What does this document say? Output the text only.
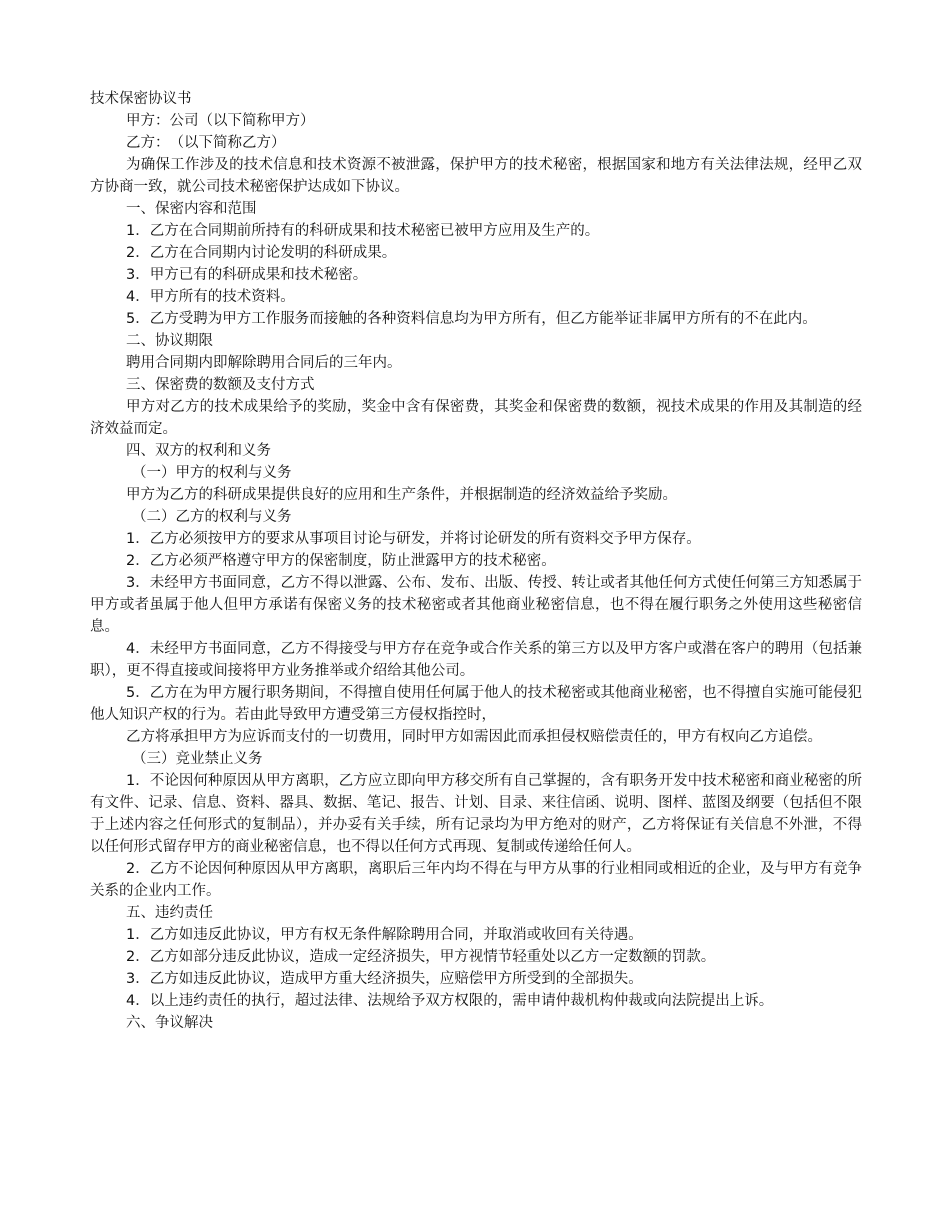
技术保密协议书

甲方：公司（以下简称甲方）

乙方：　（以下简称乙方）

为确保工作涉及的技术信息和技术资源不被泄露，保护甲方的技术秘密，根据国家和地方有关法律法规，经甲乙双方协商一致，就公司技术秘密保护达成如下协议。

一、保密内容和范围

1．乙方在合同期前所持有的科研成果和技术秘密已被甲方应用及生产的。

2．乙方在合同期内讨论发明的科研成果。

3．甲方已有的科研成果和技术秘密。

4．甲方所有的技术资料。

5．乙方受聘为甲方工作服务而接触的各种资料信息均为甲方所有，但乙方能举证非属甲方所有的不在此内。

二、协议期限

聘用合同期内即解除聘用合同后的三年内。

三、保密费的数额及支付方式

甲方对乙方的技术成果给予的奖励，奖金中含有保密费，其奖金和保密费的数额，视技术成果的作用及其制造的经济效益而定。

四、双方的权利和义务

（一）甲方的权利与义务

甲方为乙方的科研成果提供良好的应用和生产条件，并根据制造的经济效益给予奖励。

（二）乙方的权利与义务

1．乙方必须按甲方的要求从事项目讨论与研发，并将讨论研发的所有资料交予甲方保存。

2．乙方必须严格遵守甲方的保密制度，防止泄露甲方的技术秘密。

3．未经甲方书面同意，乙方不得以泄露、公布、发布、出版、传授、转让或者其他任何方式使任何第三方知悉属于甲方或者虽属于他人但甲方承诺有保密义务的技术秘密或者其他商业秘密信息，也不得在履行职务之外使用这些秘密信息。

4．未经甲方书面同意，乙方不得接受与甲方存在竞争或合作关系的第三方以及甲方客户或潜在客户的聘用（包括兼职），更不得直接或间接将甲方业务推举或介绍给其他公司。

5．乙方在为甲方履行职务期间，不得擅自使用任何属于他人的技术秘密或其他商业秘密，也不得擅自实施可能侵犯他人知识产权的行为。若由此导致甲方遭受第三方侵权指控时，

乙方将承担甲方为应诉而支付的一切费用，同时甲方如需因此而承担侵权赔偿责任的，甲方有权向乙方追偿。

（三）竞业禁止义务

1．不论因何种原因从甲方离职，乙方应立即向甲方移交所有自己掌握的，含有职务开发中技术秘密和商业秘密的所有文件、记录、信息、资料、器具、数据、笔记、报告、计划、目录、来往信函、说明、图样、蓝图及纲要（包括但不限于上述内容之任何形式的复制品），并办妥有关手续，所有记录均为甲方绝对的财产，乙方将保证有关信息不外泄，不得以任何形式留存甲方的商业秘密信息，也不得以任何方式再现、复制或传递给任何人。

2．乙方不论因何种原因从甲方离职，离职后三年内均不得在与甲方从事的行业相同或相近的企业，及与甲方有竞争关系的企业内工作。

五、违约责任

1．乙方如违反此协议，甲方有权无条件解除聘用合同，并取消或收回有关待遇。

2．乙方如部分违反此协议，造成一定经济损失，甲方视情节轻重处以乙方一定数额的罚款。

3．乙方如违反此协议，造成甲方重大经济损失，应赔偿甲方所受到的全部损失。

4．以上违约责任的执行，超过法律、法规给予双方权限的，需申请仲裁机构仲裁或向法院提出上诉。

六、争议解决
